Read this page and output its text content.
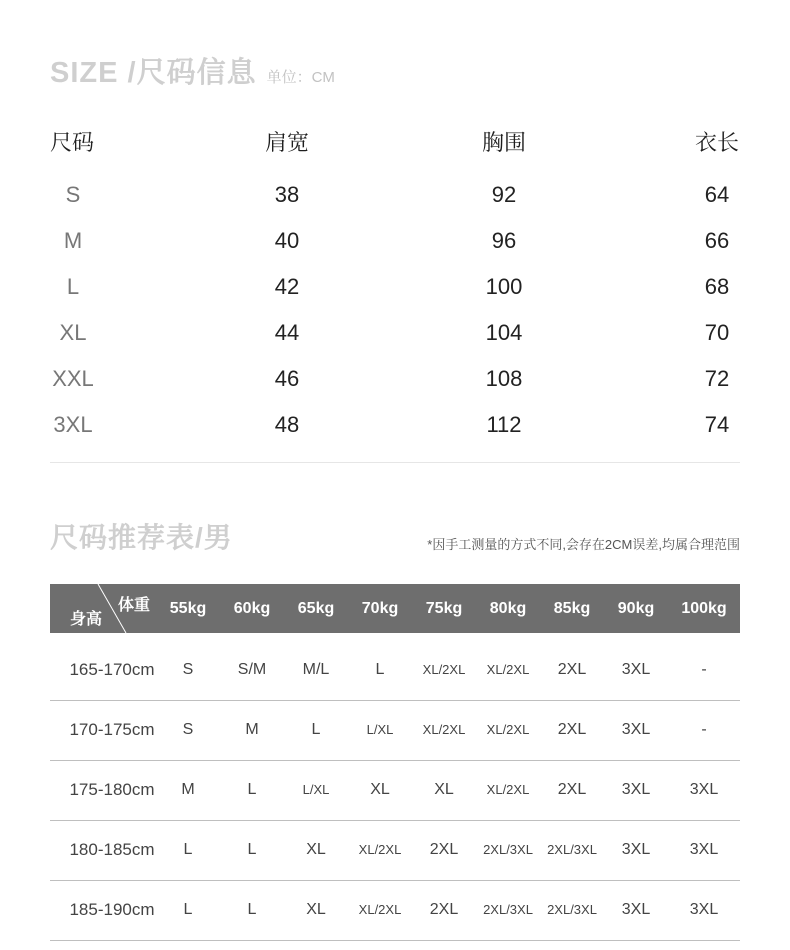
SIZE /尺码信息 单位：CM
尺码	肩宽	胸围	衣长
S	38	92	64
M	40	96	66
L	42	100	68
XL	44	104	70
XXL	46	108	72
3XL	48	112	74
尺码推荐表/男	*因手工测量的方式不同,会存在2CM误差,均属合理范围
体重
身高
55kg	60kg	65kg	70kg	75kg	80kg	85kg	90kg	100kg
165-170cm	S	S/M	M/L	L	XL/2XL	XL/2XL	2XL	3XL	-
170-175cm	S	M	L	L/XL	XL/2XL	XL/2XL	2XL	3XL	-
175-180cm	M	L	L/XL	XL	XL	XL/2XL	2XL	3XL	3XL
180-185cm	L	L	XL	XL/2XL	2XL	2XL/3XL	2XL/3XL	3XL	3XL
185-190cm	L	L	XL	XL/2XL	2XL	2XL/3XL	2XL/3XL	3XL	3XL
